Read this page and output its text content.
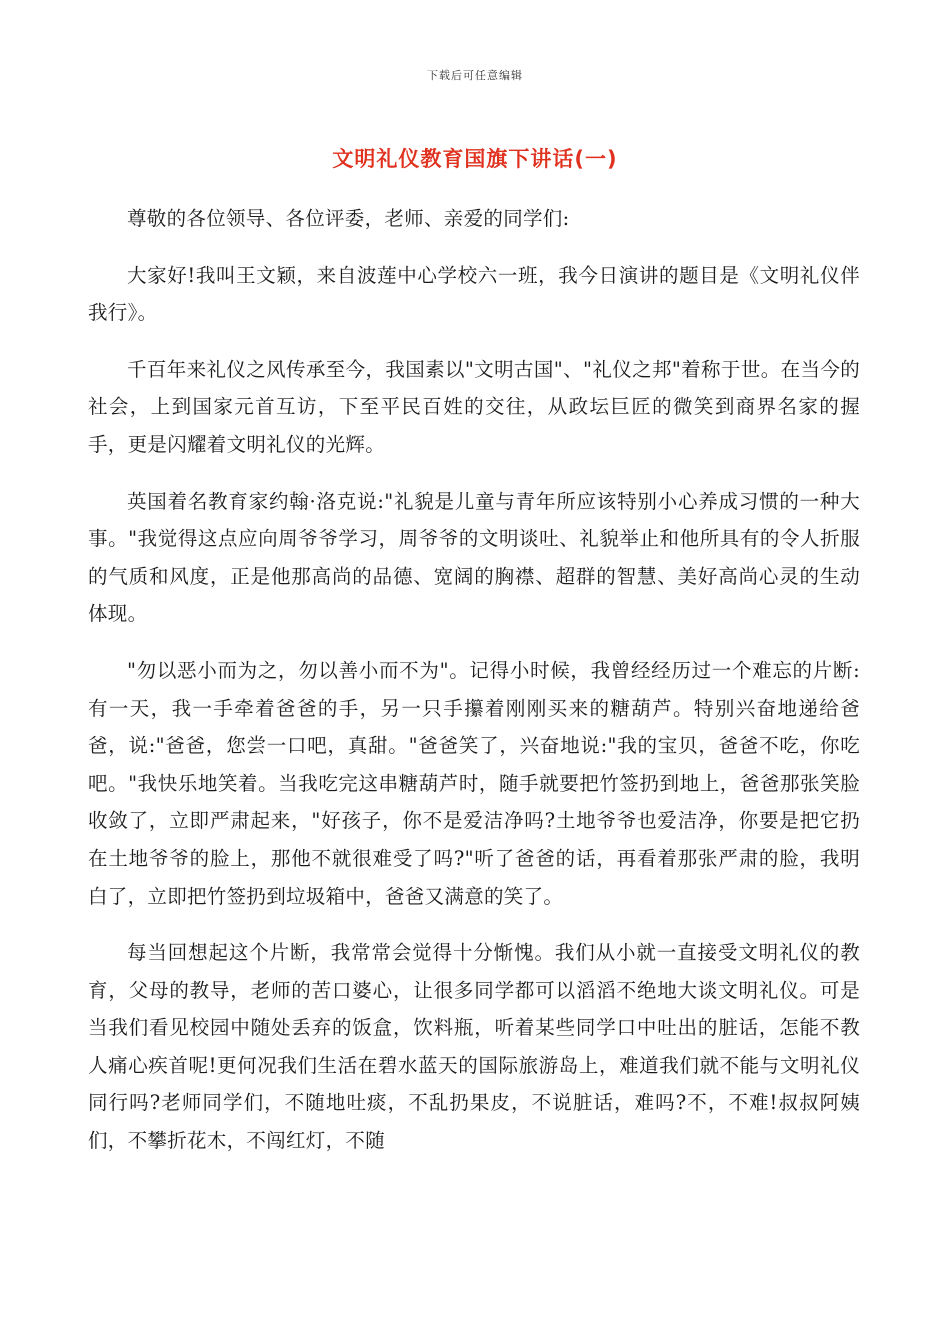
下载后可任意编辑
文明礼仪教育国旗下讲话(一)

尊敬的各位领导、各位评委，老师、亲爱的同学们:

大家好!我叫王文颖，来自波莲中心学校六一班，我今日演讲的题目是《文明礼仪伴我行》。

千百年来礼仪之风传承至今，我国素以"文明古国"、"礼仪之邦"着称于世。在当今的社会，上到国家元首互访，下至平民百姓的交往，从政坛巨匠的微笑到商界名家的握手，更是闪耀着文明礼仪的光辉。

英国着名教育家约翰·洛克说:"礼貌是儿童与青年所应该特别小心养成习惯的一种大事。"我觉得这点应向周爷爷学习，周爷爷的文明谈吐、礼貌举止和他所具有的令人折服的气质和风度，正是他那高尚的品德、宽阔的胸襟、超群的智慧、美好高尚心灵的生动体现。

"勿以恶小而为之，勿以善小而不为"。记得小时候，我曾经经历过一个难忘的片断:有一天，我一手牵着爸爸的手，另一只手攥着刚刚买来的糖葫芦。特别兴奋地递给爸爸，说:"爸爸，您尝一口吧，真甜。"爸爸笑了，兴奋地说:"我的宝贝，爸爸不吃，你吃吧。"我快乐地笑着。当我吃完这串糖葫芦时，随手就要把竹签扔到地上，爸爸那张笑脸收敛了，立即严肃起来，"好孩子，你不是爱洁净吗?土地爷爷也爱洁净，你要是把它扔在土地爷爷的脸上，那他不就很难受了吗?"听了爸爸的话，再看着那张严肃的脸，我明白了，立即把竹签扔到垃圾箱中，爸爸又满意的笑了。

每当回想起这个片断，我常常会觉得十分惭愧。我们从小就一直接受文明礼仪的教育，父母的教导，老师的苦口婆心，让很多同学都可以滔滔不绝地大谈文明礼仪。可是当我们看见校园中随处丢弃的饭盒，饮料瓶，听着某些同学口中吐出的脏话，怎能不教人痛心疾首呢!更何况我们生活在碧水蓝天的国际旅游岛上，难道我们就不能与文明礼仪同行吗?老师同学们，不随地吐痰，不乱扔果皮，不说脏话，难吗?不，不难!叔叔阿姨们，不攀折花木，不闯红灯，不随
